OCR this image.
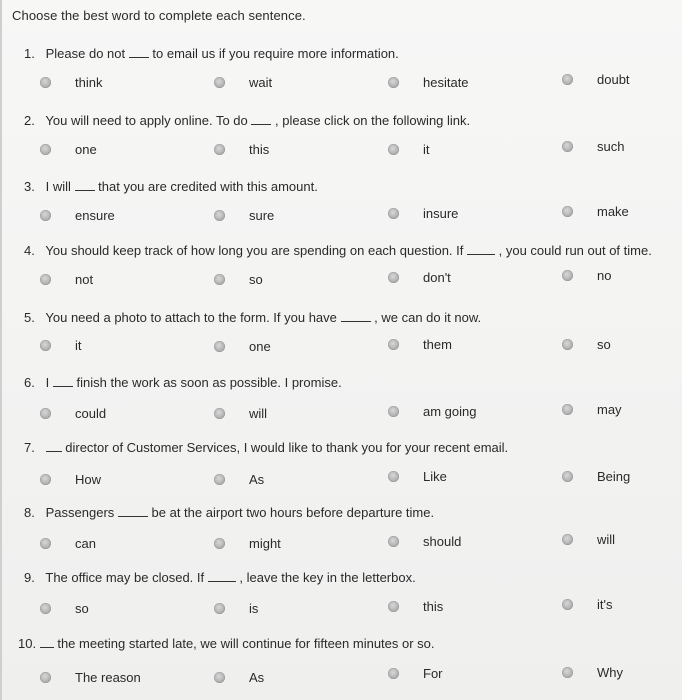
Choose the best word to complete each sentence.
1. Please do not to email us if you require more information.
think	wait	hesitate	doubt
2. You will need to apply online. To do , please click on the following link.
one	this	it	such
3. I will that you are credited with this amount.
ensure	sure	insure	make
4. You should keep track of how long you are spending on each question. If	, you could run out of time.
not	so	don't	no
5. You need a photo to attach to the form. If you have	, we can do it now.
it	one	them	so
6. I finish the work as soon as possible. I promise.
could	will	am going	may
7. director of Customer Services, I would like to thank you for your recent email.
How	As	Like	Being
8. Passengers	be at the airport two hours before departure time.
can	might	should	will
9. The office may be closed. If	, leave the key in the letterbox.
so	is	this	it's
10. the meeting started late, we will continue for fifteen minutes or so.
The reason	As	For	Why
